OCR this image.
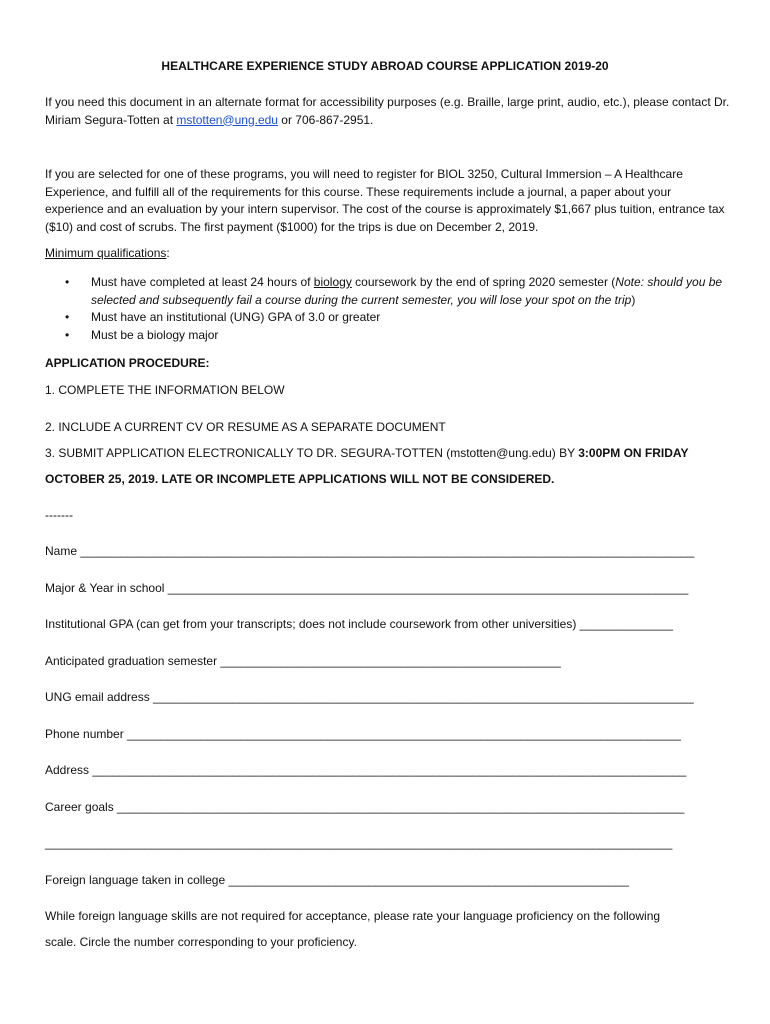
HEALTHCARE EXPERIENCE STUDY ABROAD COURSE APPLICATION 2019-20
If you need this document in an alternate format for accessibility purposes (e.g. Braille, large print, audio, etc.), please contact Dr. Miriam Segura-Totten at mstotten@ung.edu or 706-867-2951.
If you are selected for one of these programs, you will need to register for BIOL 3250, Cultural Immersion – A Healthcare Experience, and fulfill all of the requirements for this course. These requirements include a journal, a paper about your experience and an evaluation by your intern supervisor. The cost of the course is approximately $1,667 plus tuition, entrance tax ($10) and cost of scrubs. The first payment ($1000) for the trips is due on December 2, 2019.
Minimum qualifications:
• Must have completed at least 24 hours of biology coursework by the end of spring 2020 semester (Note: should you be selected and subsequently fail a course during the current semester, you will lose your spot on the trip)
• Must have an institutional (UNG) GPA of 3.0 or greater
• Must be a biology major
APPLICATION PROCEDURE:
1. COMPLETE THE INFORMATION BELOW
2. INCLUDE A CURRENT CV OR RESUME AS A SEPARATE DOCUMENT
3. SUBMIT APPLICATION ELECTRONICALLY TO DR. SEGURA-TOTTEN (mstotten@ung.edu) BY 3:00PM ON FRIDAY
OCTOBER 25, 2019. LATE OR INCOMPLETE APPLICATIONS WILL NOT BE CONSIDERED.
-------
Name ____________________________________________________________________________________________
Major & Year in school ______________________________________________________________________________
Institutional GPA (can get from your transcripts; does not include coursework from other universities) ______________
Anticipated graduation semester ___________________________________________________
UNG email address _________________________________________________________________________________
Phone number ___________________________________________________________________________________
Address _________________________________________________________________________________________
Career goals _____________________________________________________________________________________
______________________________________________________________________________________________
Foreign language taken in college ____________________________________________________________
While foreign language skills are not required for acceptance, please rate your language proficiency on the following
scale. Circle the number corresponding to your proficiency.
